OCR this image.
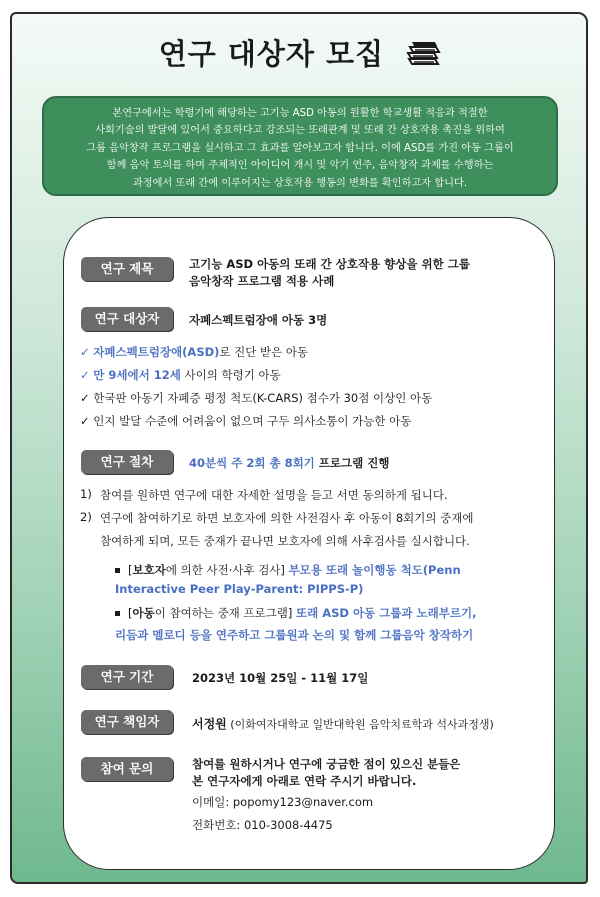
연구 대상자 모집
본연구에서는 학령기에 해당하는 고기능 ASD 아동의 원활한 학교생활 적응과 적절한
사회기술의 발달에 있어서 중요하다고 강조되는 또래관계 및 또래 간 상호작용 촉진을 위하여
그룹 음악창작 프로그램을 실시하고 그 효과를 알아보고자 합니다. 이에 ASD를 가진 아동 그룹이
함께 음악 토의를 하며 주체적인 아이디어 개시 및 악기 연주, 음악창작 과제를 수행하는
과정에서 또래 간에 이루어지는 상호작용 행동의 변화를 확인하고자 합니다.
연구 제목	고기능 ASD 아동의 또래 간 상호작용 향상을 위한 그룹
음악창작 프로그램 적용 사례
연구 대상자	자폐스펙트럼장애 아동 3명
✓ 자폐스펙트럼장애(ASD)로 진단 받은 아동
✓ 만 9세에서 12세 사이의 학령기 아동
✓ 한국판 아동기 자폐증 평정 척도(K-CARS) 점수가 30점 이상인 아동
✓ 인지 발달 수준에 어려움이 없으며 구두 의사소통이 가능한 아동
연구 절차	40분씩 주 2회 총 8회기 프로그램 진행
1) 참여를 원하면 연구에 대한 자세한 설명을 듣고 서면 동의하게 됩니다.
2) 연구에 참여하기로 하면 보호자에 의한 사전검사 후 아동이 8회기의 중재에
참여하게 되며, 모든 중재가 끝나면 보호자에 의해 사후검사를 실시합니다.
[보호자에 의한 사전·사후 검사] 부모용 또래 놀이행동 척도(Penn
Interactive Peer Play-Parent: PIPPS-P)
[아동이 참여하는 중재 프로그램] 또래 ASD 아동 그룹과 노래부르기,
리듬과 멜로디 등을 연주하고 그룹원과 논의 및 함께 그룹음악 창작하기
연구 기간	2023년 10월 25일 - 11월 17일
연구 책임자	서정원 (이화여자대학교 일반대학원 음악치료학과 석사과정생)
참여 문의	참여를 원하시거나 연구에 궁금한 점이 있으신 분들은
본 연구자에게 아래로 연락 주시기 바랍니다.
이메일: popomy123@naver.com
전화번호: 010-3008-4475
